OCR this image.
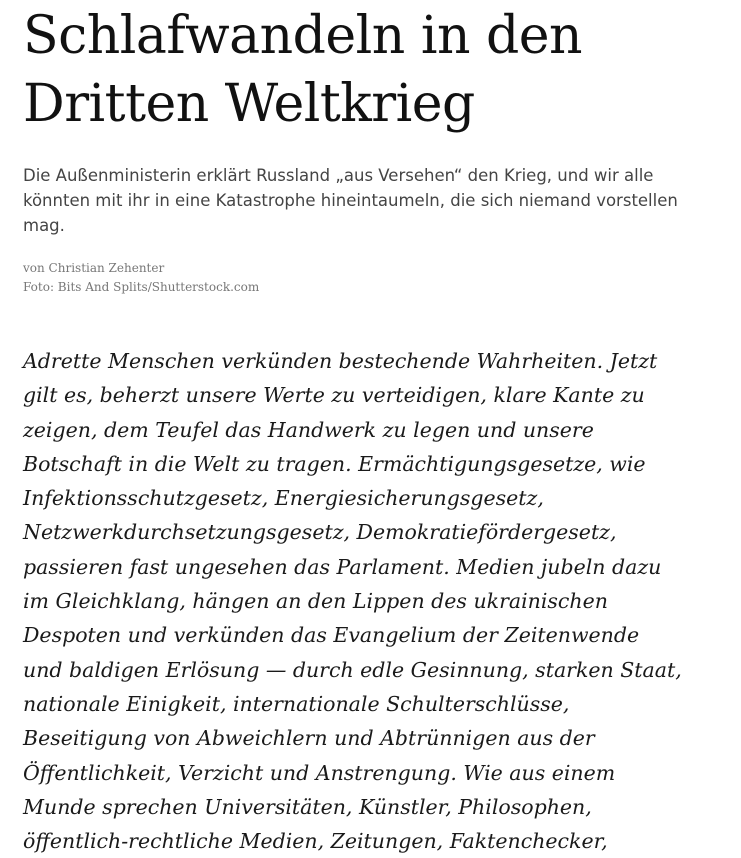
Schlafwandeln in den
Dritten Weltkrieg

Die Außenministerin erklärt Russland „aus Versehen“ den Krieg, und wir alle könnten mit ihr in eine Katastrophe hineintaumeln, die sich niemand vorstellen mag.

von Christian Zehenter
Foto: Bits And Splits/Shutterstock.com
Adrette Menschen verkünden bestechende Wahrheiten. Jetzt
gilt es, beherzt unsere Werte zu verteidigen, klare Kante zu
zeigen, dem Teufel das Handwerk zu legen und unsere
Botschaft in die Welt zu tragen. Ermächtigungsgesetze, wie
Infektionsschutzgesetz, Energiesicherungsgesetz,
Netzwerkdurchsetzungsgesetz, Demokratiefördergesetz,
passieren fast ungesehen das Parlament. Medien jubeln dazu
im Gleichklang, hängen an den Lippen des ukrainischen
Despoten und verkünden das Evangelium der Zeitenwende
und baldigen Erlösung — durch edle Gesinnung, starken Staat,
nationale Einigkeit, internationale Schulterschlüsse,
Beseitigung von Abweichlern und Abtrünnigen aus der
Öffentlichkeit, Verzicht und Anstrengung. Wie aus einem
Munde sprechen Universitäten, Künstler, Philosophen,
öffentlich-rechtliche Medien, Zeitungen, Faktenchecker,
